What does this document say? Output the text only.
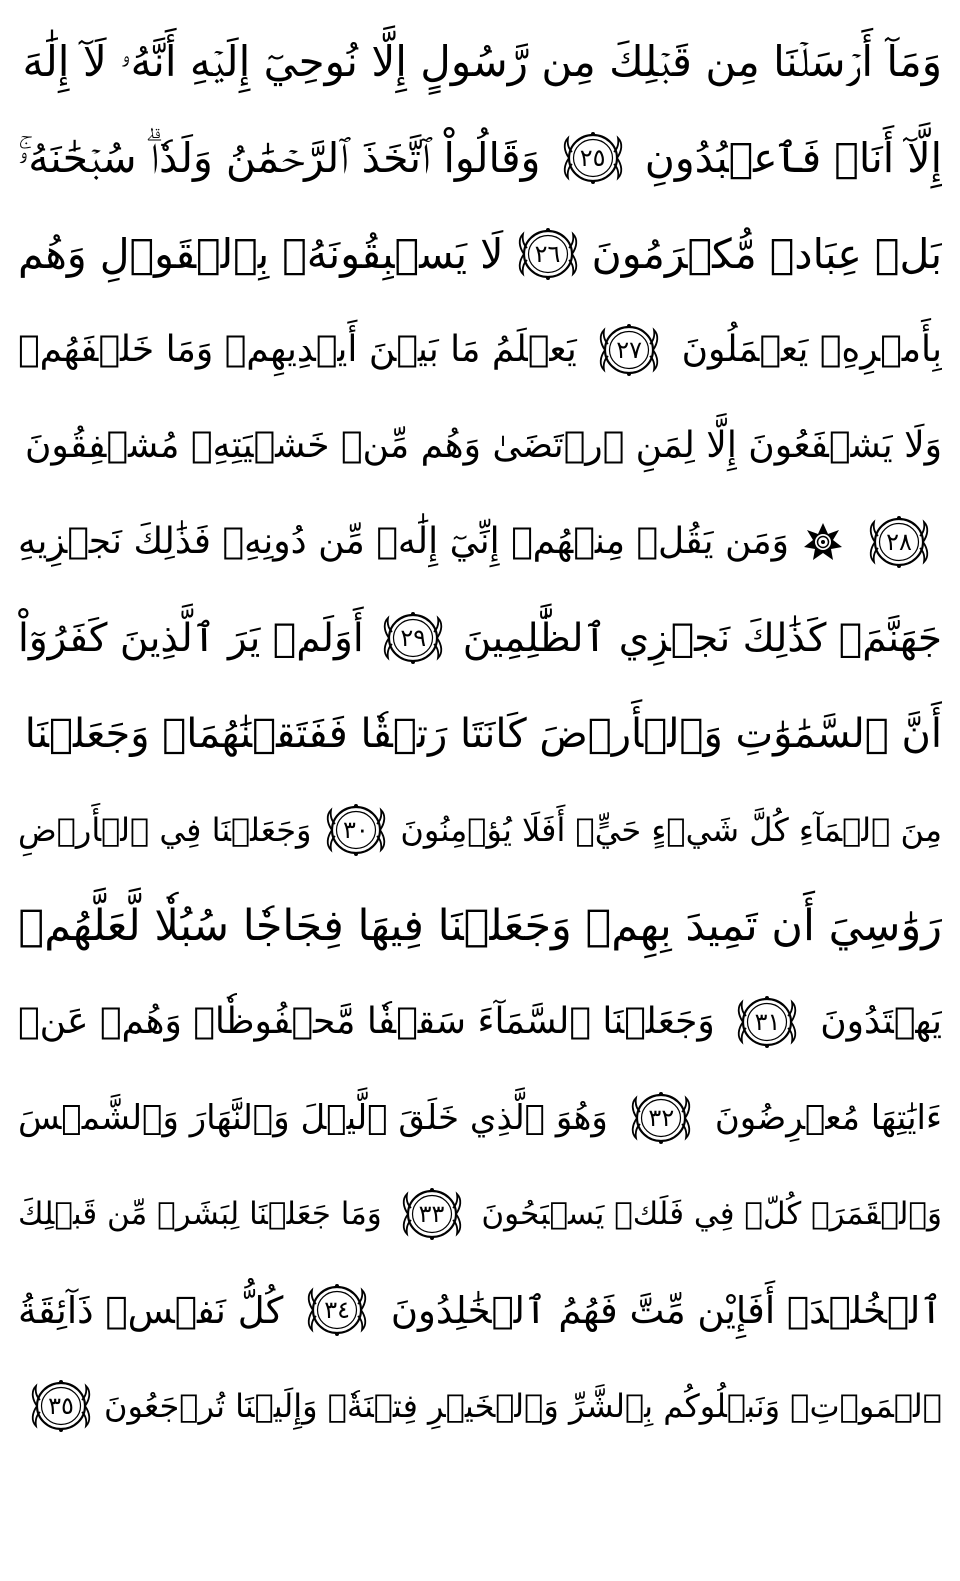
وَمَآ أَرۡسَلۡنَا مِن قَبۡلِكَ مِن رَّسُولٍ إِلَّا نُوحِيٓ إِلَيۡهِ أَنَّهُۥ لَآ إِلَٰهَ
إِلَّآ أَنَا۠ فَٱعۡبُدُونِ
٢٥
وَقَالُواْ ٱتَّخَذَ ٱلرَّحۡمَٰنُ وَلَدٗاۗ سُبۡحَٰنَهُۥۚ
بَلۡ عِبَادٞ مُّكۡرَمُونَ
٢٦
لَا يَسۡبِقُونَهُۥ بِٱلۡقَوۡلِ وَهُم
بِأَمۡرِهِۦ يَعۡمَلُونَ
٢٧
يَعۡلَمُ مَا بَيۡنَ أَيۡدِيهِمۡ وَمَا خَلۡفَهُمۡ
وَلَا يَشۡفَعُونَ إِلَّا لِمَنِ ٱرۡتَضَىٰ وَهُم مِّنۡ خَشۡيَتِهِۦ مُشۡفِقُونَ
٢٨
وَمَن يَقُلۡ مِنۡهُمۡ إِنِّيٓ إِلَٰهٞ مِّن دُونِهِۦ فَذَٰلِكَ نَجۡزِيهِ
جَهَنَّمَۚ كَذَٰلِكَ نَجۡزِي ٱلظَّٰلِمِينَ
٢٩
أَوَلَمۡ يَرَ ٱلَّذِينَ كَفَرُوٓاْ
أَنَّ ٱلسَّمَٰوَٰتِ وَٱلۡأَرۡضَ كَانَتَا رَتۡقٗا فَفَتَقۡنَٰهُمَاۖ وَجَعَلۡنَا
مِنَ ٱلۡمَآءِ كُلَّ شَيۡءٍ حَيٍّۚ أَفَلَا يُؤۡمِنُونَ
٣٠
وَجَعَلۡنَا فِي ٱلۡأَرۡضِ
رَوَٰسِيَ أَن تَمِيدَ بِهِمۡ وَجَعَلۡنَا فِيهَا فِجَاجٗا سُبُلٗا لَّعَلَّهُمۡ
يَهۡتَدُونَ
٣١
وَجَعَلۡنَا ٱلسَّمَآءَ سَقۡفٗا مَّحۡفُوظٗاۖ وَهُمۡ عَنۡ
ءَايَٰتِهَا مُعۡرِضُونَ
٣٢
وَهُوَ ٱلَّذِي خَلَقَ ٱلَّيۡلَ وَٱلنَّهَارَ وَٱلشَّمۡسَ
وَٱلۡقَمَرَۖ كُلّٞ فِي فَلَكٖ يَسۡبَحُونَ
٣٣
وَمَا جَعَلۡنَا لِبَشَرٖ مِّن قَبۡلِكَ
ٱلۡخُلۡدَۖ أَفَإِيْن مِّتَّ فَهُمُ ٱلۡخَٰلِدُونَ
٣٤
كُلُّ نَفۡسٖ ذَآئِقَةُ
ٱلۡمَوۡتِۗ وَنَبۡلُوكُم بِٱلشَّرِّ وَٱلۡخَيۡرِ فِتۡنَةٗۖ وَإِلَيۡنَا تُرۡجَعُونَ
٣٥
